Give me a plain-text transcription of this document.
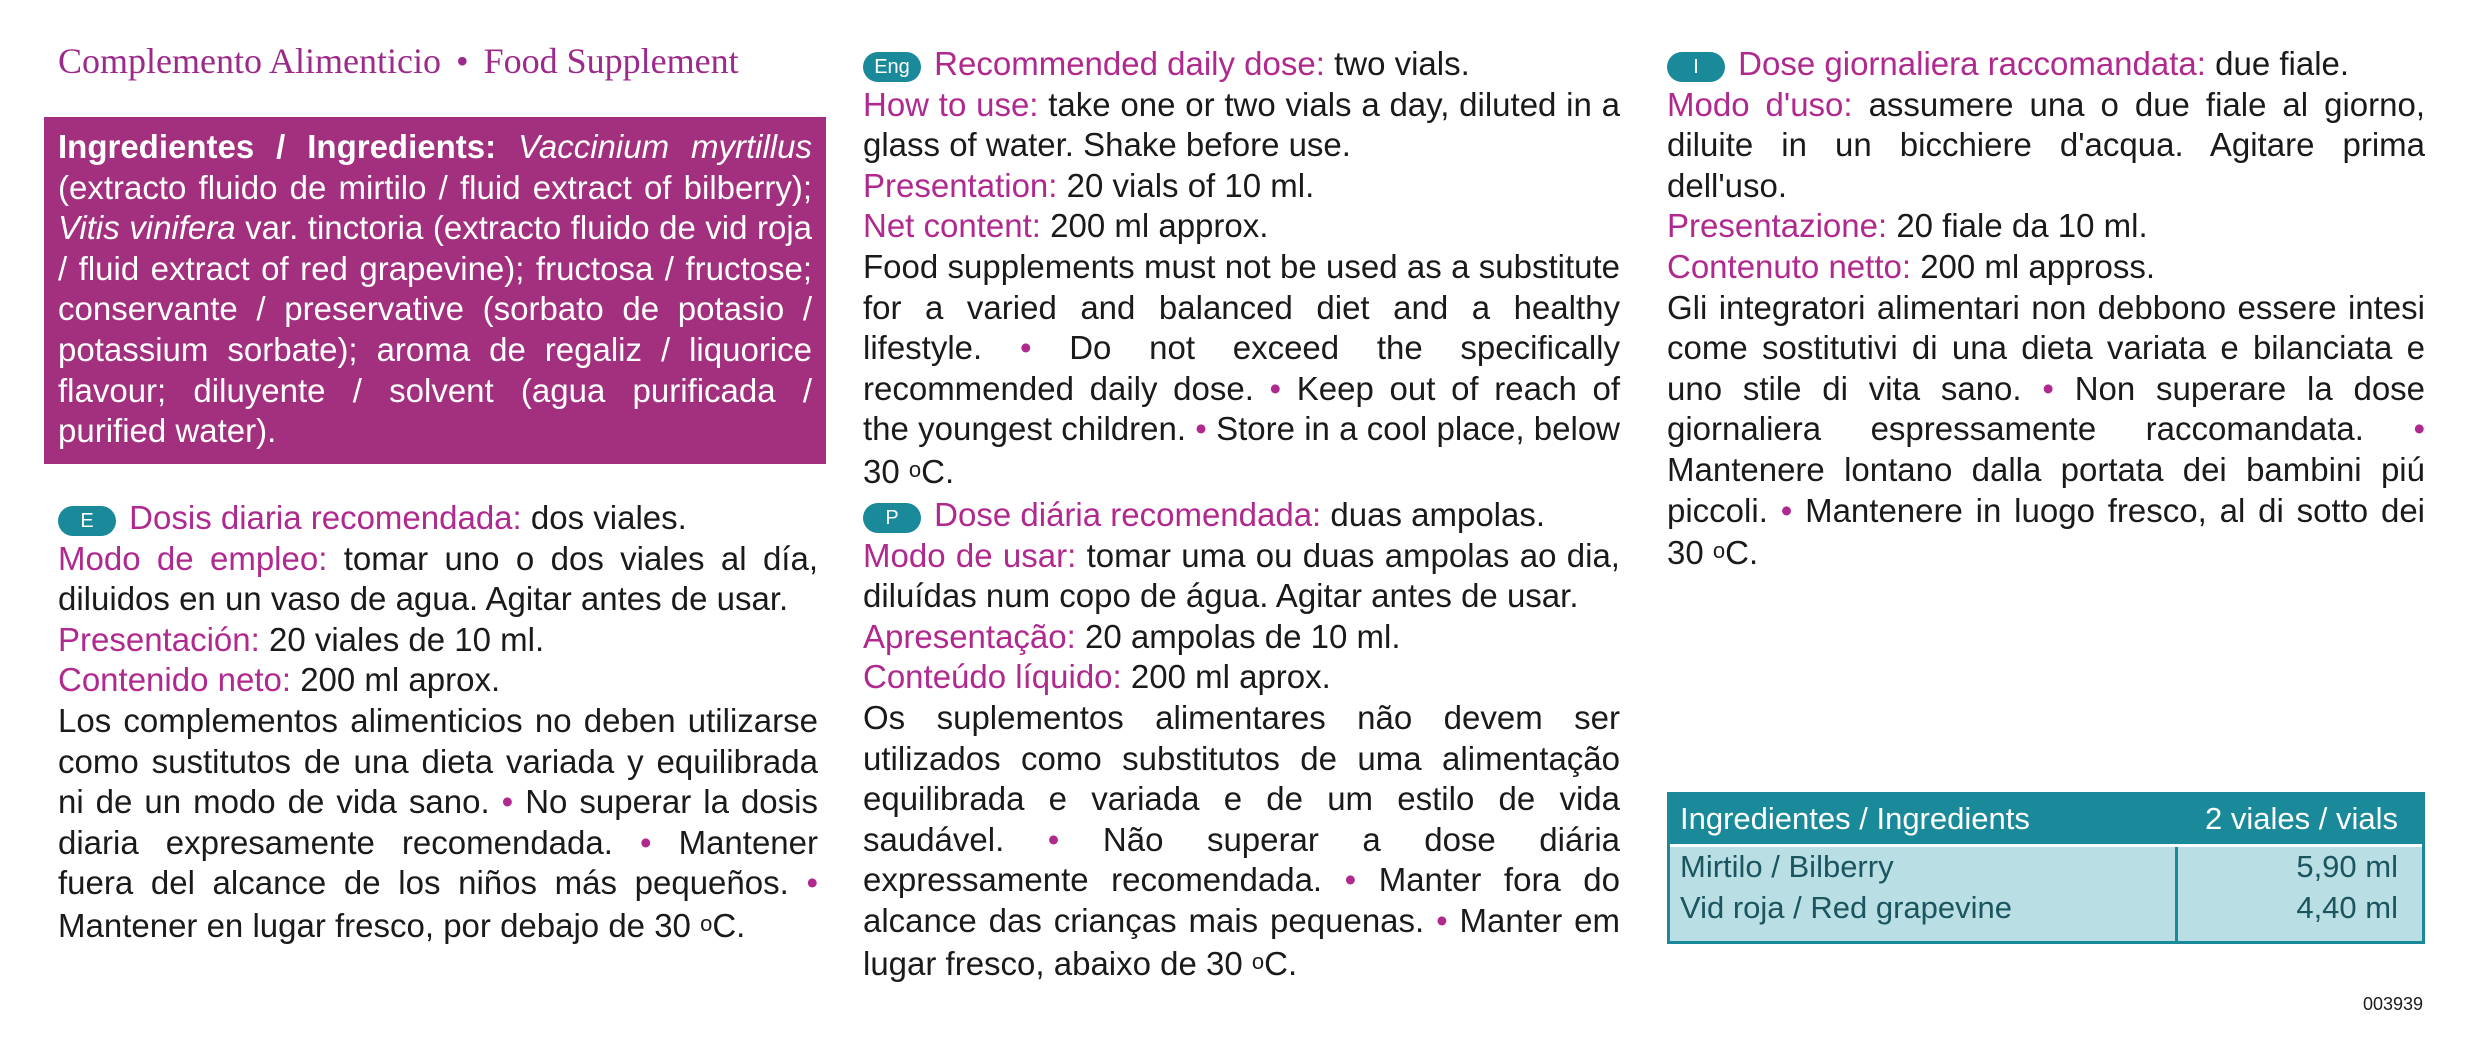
Complemento Alimenticio • Food Supplement
Ingredientes / Ingredients: Vaccinium myrtillus (extracto fluido de mirtilo / fluid extract of bilberry); Vitis vinifera var. tinctoria (extracto fluido de vid roja / fluid extract of red grapevine); fructosa / fructose; conservante / preservative (sorbato de potasio / potassium sorbate); aroma de regaliz / liquorice flavour; diluyente / solvent (agua purificada / purified water).

E Dosis diaria recomendada: dos viales.

Modo de empleo: tomar uno o dos viales al día, diluidos en un vaso de agua. Agitar antes de usar.

Presentación: 20 viales de 10 ml.

Contenido neto: 200 ml aprox.

Los complementos alimenticios no deben utilizarse como sustitutos de una dieta variada y equilibrada ni de un modo de vida sano. • No superar la dosis diaria expresamente recomendada. • Mantener fuera del alcance de los niños más pequeños. • Mantener en lugar fresco, por debajo de 30 oC.

Eng Recommended daily dose: two vials.

How to use: take one or two vials a day, diluted in a glass of water. Shake before use.

Presentation: 20 vials of 10 ml.

Net content: 200 ml approx.

Food supplements must not be used as a substitute for a varied and balanced diet and a healthy lifestyle. • Do not exceed the specifically recommended daily dose. • Keep out of reach of the youngest children. • Store in a cool place, below 30 oC.

P Dose diária recomendada: duas ampolas.

Modo de usar: tomar uma ou duas ampolas ao dia, diluídas num copo de água. Agitar antes de usar.

Apresentação: 20 ampolas de 10 ml.

Conteúdo líquido: 200 ml aprox.

Os suplementos alimentares não devem ser utilizados como substitutos de uma alimentação equilibrada e variada e de um estilo de vida saudável. • Não superar a dose diária expressamente recomendada. • Manter fora do alcance das crianças mais pequenas. • Manter em lugar fresco, abaixo de 30 oC.

I Dose giornaliera raccomandata: due fiale.

Modo d'uso: assumere una o due fiale al giorno, diluite in un bicchiere d'acqua. Agitare prima dell'uso.

Presentazione: 20 fiale da 10 ml.

Contenuto netto: 200 ml appross.

Gli integratori alimentari non debbono essere intesi come sostitutivi di una dieta variata e bilanciata e uno stile di vita sano. • Non superare la dose giornaliera espressamente raccomandata. • Mantenere lontano dalla portata dei bambini piú piccoli. • Mantenere in luogo fresco, al di sotto dei 30 oC.

Ingredientes / Ingredients	2 viales / vials
Mirtilo / Bilberry	5,90 ml
Vid roja / Red grapevine	4,40 ml
003939
